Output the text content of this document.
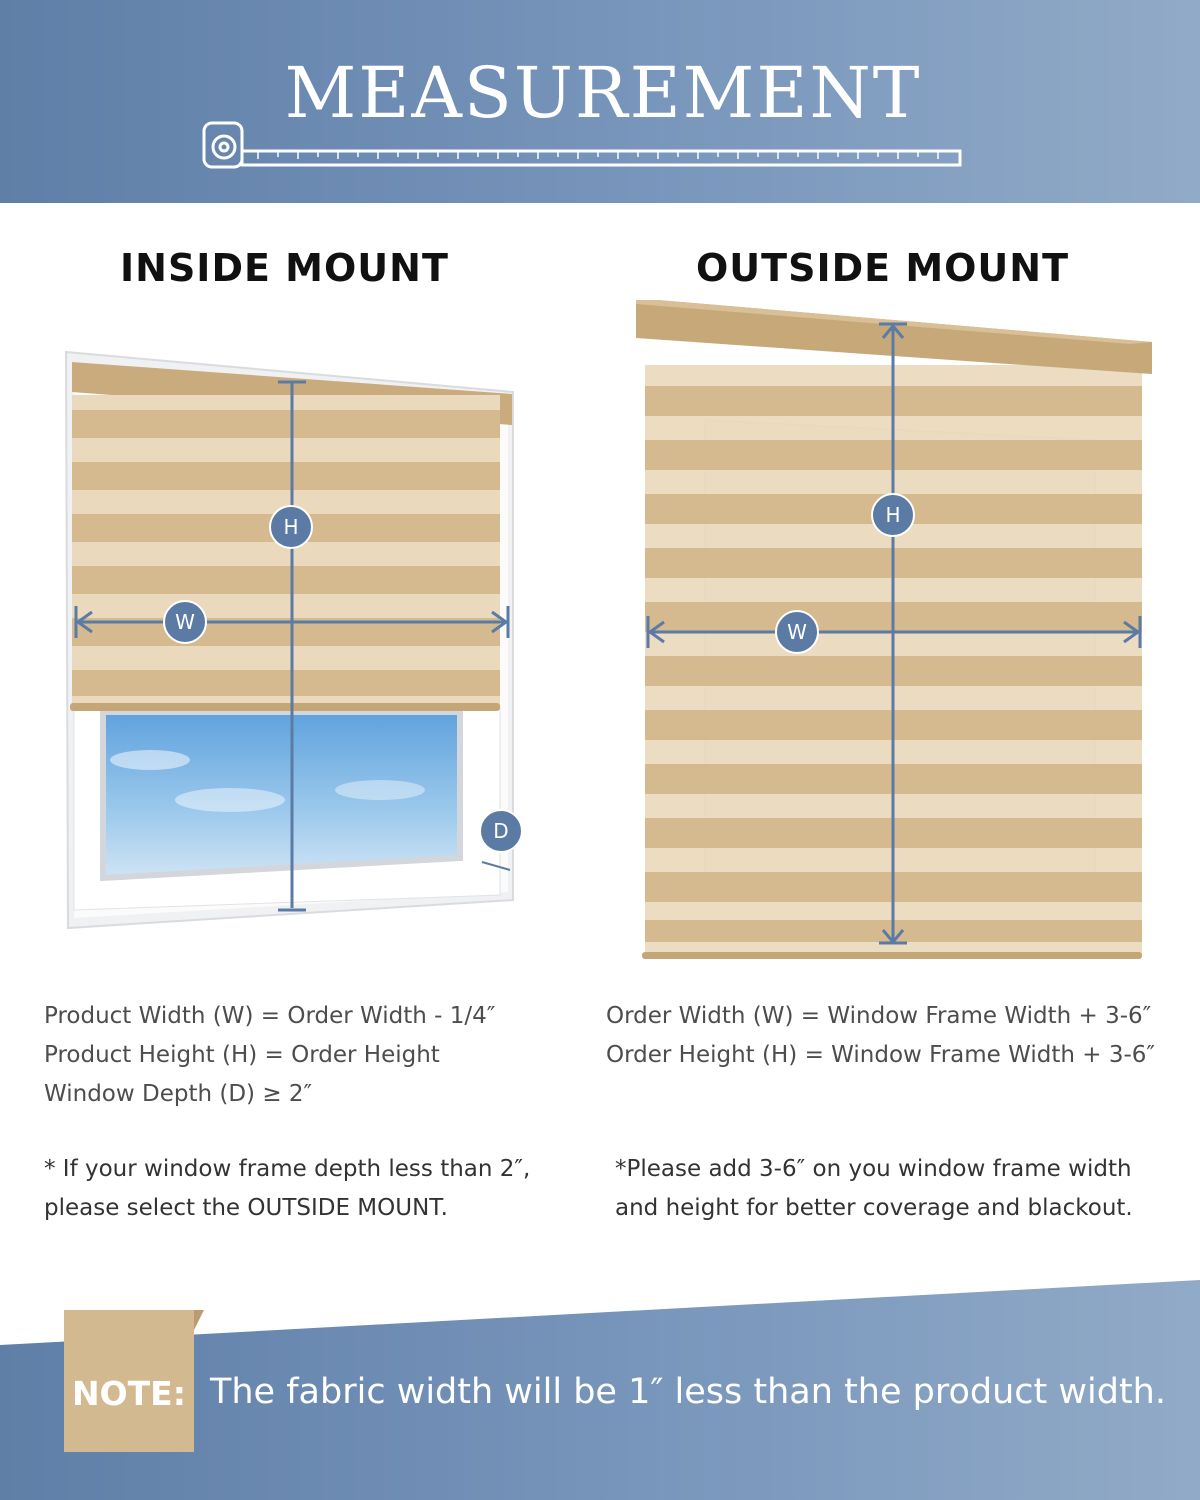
MEASUREMENT
INSIDE MOUNT	OUTSIDE MOUNT
H
W
D
H
W
Product Width (W) = Order Width - 1/4″
Product Height (H) = Order Height
Window Depth (D) ≥ 2″
Order Width (W) = Window Frame Width + 3-6″
Order Height (H) = Window Frame Width + 3-6″
* If your window frame depth less than 2″,
please select the OUTSIDE MOUNT.
*Please add 3-6″ on you window frame width
and height for better coverage and blackout.
NOTE: The fabric width will be 1″ less than the product width.
